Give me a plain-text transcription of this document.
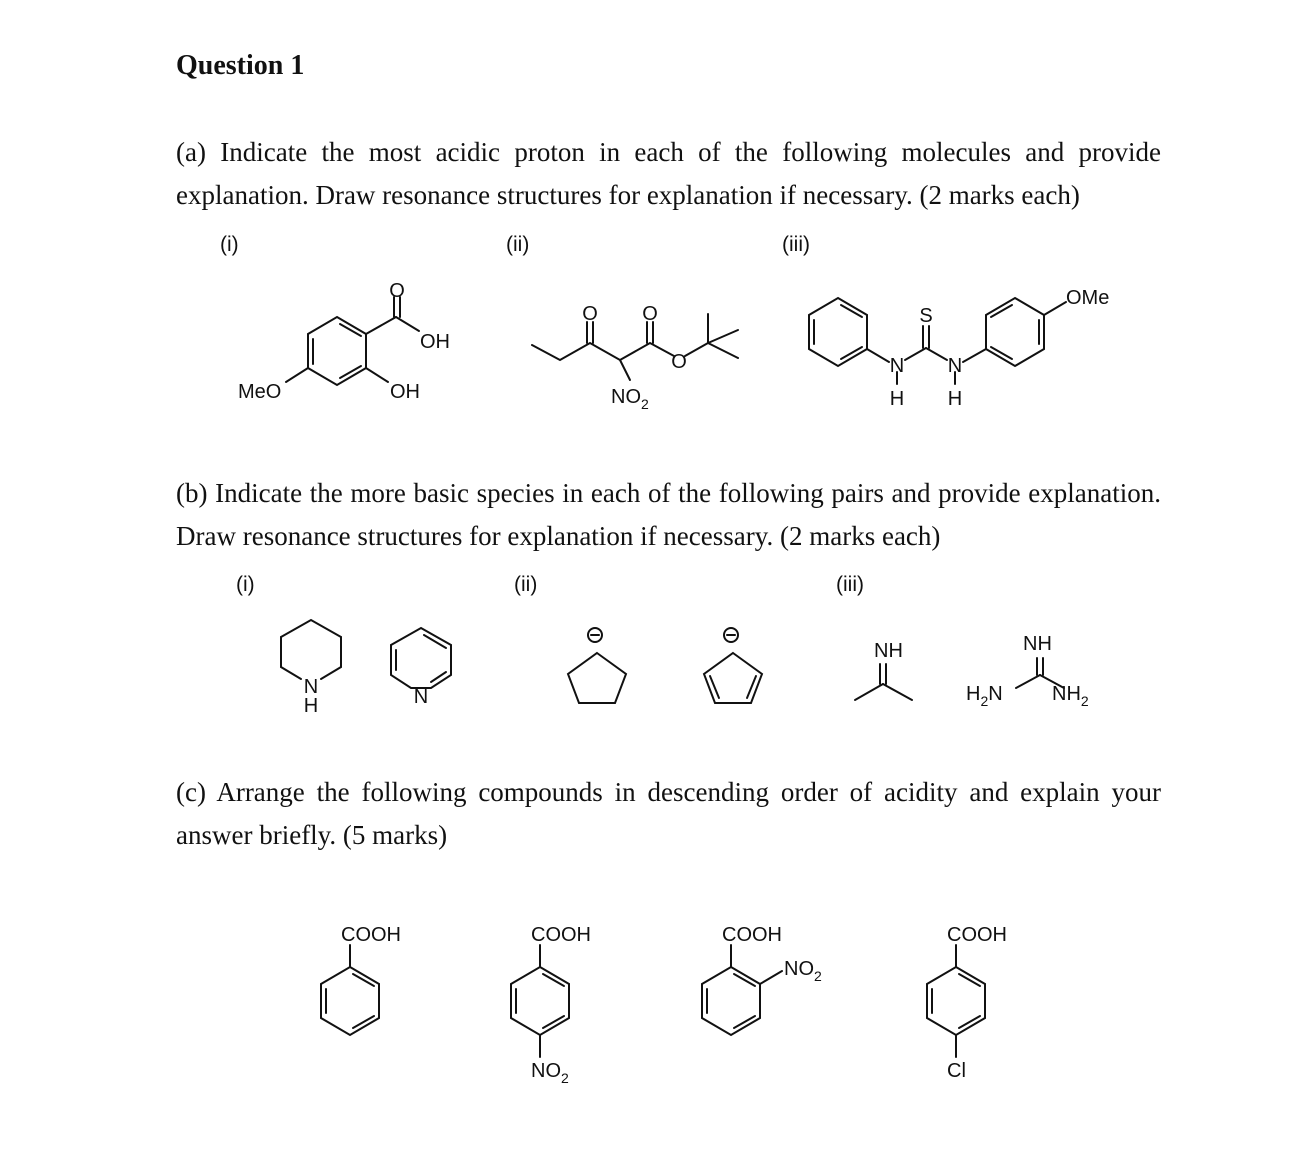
Question 1
(a) Indicate the most acidic proton in each of the following molecules and provide explanation. Draw resonance structures for explanation if necessary. (2 marks each)
(i)	(ii)	(iii)
(b) Indicate the more basic species in each of the following pairs and provide explanation. Draw resonance structures for explanation if necessary. (2 marks each)
(i)	(ii)	(iii)
(c) Arrange the following compounds in descending order of acidity and explain your answer briefly. (5 marks)
O
OH
OH
MeO
O O
O
$NO_2$
S
N N
H H
OMe
N
H	N
NH	NH
$H_2N$ $NH_2$
COOH	COOH	COOH	COOH
$NO_2$
$NO_2$	Cl
